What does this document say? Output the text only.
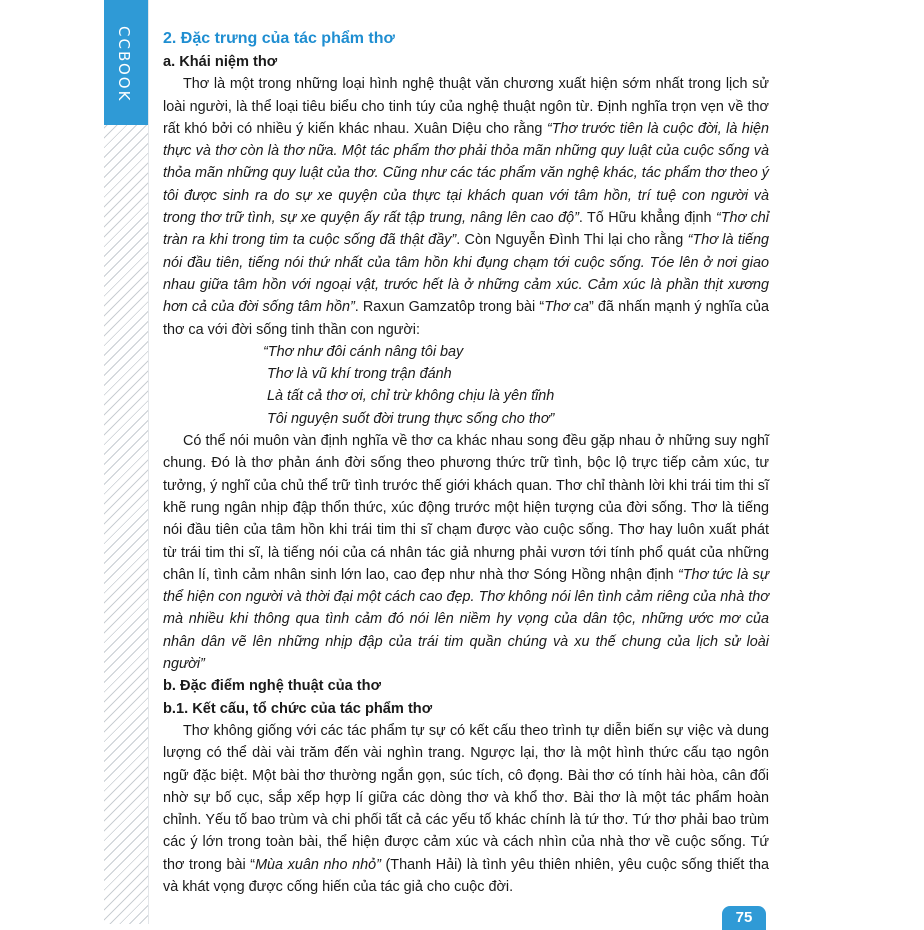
CCBOOK 2. Đặc trưng của tác phẩm thơ
a. Khái niệm thơ

Thơ là một trong những loại hình nghệ thuật văn chương xuất hiện sớm nhất trong lịch sử loài người, là thể loại tiêu biểu cho tinh túy của nghệ thuật ngôn từ. Định nghĩa trọn vẹn về thơ rất khó bởi có nhiều ý kiến khác nhau. Xuân Diệu cho rằng “Thơ trước tiên là cuộc đời, là hiện thực và thơ còn là thơ nữa. Một tác phẩm thơ phải thỏa mãn những quy luật của cuộc sống và thỏa mãn những quy luật của thơ. Cũng như các tác phẩm văn nghệ khác, tác phẩm thơ theo ý tôi được sinh ra do sự xe quyện của thực tại khách quan với tâm hồn, trí tuệ con người và trong thơ trữ tình, sự xe quyện ấy rất tập trung, nâng lên cao độ”. Tố Hữu khẳng định “Thơ chỉ tràn ra khi trong tim ta cuộc sống đã thật đầy”. Còn Nguyễn Đình Thi lại cho rằng “Thơ là tiếng nói đầu tiên, tiếng nói thứ nhất của tâm hồn khi đụng chạm tới cuộc sống. Tóe lên ở nơi giao nhau giữa tâm hồn với ngoại vật, trước hết là ở những cảm xúc. Cảm xúc là phần thịt xương hơn cả của đời sống tâm hồn”. Raxun Gamzatôp trong bài “Thơ ca” đã nhấn mạnh ý nghĩa của thơ ca với đời sống tinh thần con người:

“Thơ như đôi cánh nâng tôi bay
Thơ là vũ khí trong trận đánh
Là tất cả thơ ơi, chỉ trừ không chịu là yên tĩnh
Tôi nguyện suốt đời trung thực sống cho thơ”

Có thể nói muôn vàn định nghĩa về thơ ca khác nhau song đều gặp nhau ở những suy nghĩ chung. Đó là thơ phản ánh đời sống theo phương thức trữ tình, bộc lộ trực tiếp cảm xúc, tư tưởng, ý nghĩ của chủ thể trữ tình trước thế giới khách quan. Thơ chỉ thành lời khi trái tim thi sĩ khẽ rung ngân nhịp đập thổn thức, xúc động trước một hiện tượng của đời sống. Thơ là tiếng nói đầu tiên của tâm hồn khi trái tim thi sĩ chạm được vào cuộc sống. Thơ hay luôn xuất phát từ trái tim thi sĩ, là tiếng nói của cá nhân tác giả nhưng phải vươn tới tính phổ quát của những chân lí, tình cảm nhân sinh lớn lao, cao đẹp như nhà thơ Sóng Hồng nhận định “Thơ tức là sự thể hiện con người và thời đại một cách cao đẹp. Thơ không nói lên tình cảm riêng của nhà thơ mà nhiều khi thông qua tình cảm đó nói lên niềm hy vọng của dân tộc, những ước mơ của nhân dân vẽ lên những nhịp đập của trái tim quần chúng và xu thế chung của lịch sử loài người”

b. Đặc điểm nghệ thuật của thơ
b.1. Kết cấu, tổ chức của tác phẩm thơ

Thơ không giống với các tác phẩm tự sự có kết cấu theo trình tự diễn biến sự việc và dung lượng có thể dài vài trăm đến vài nghìn trang. Ngược lại, thơ là một hình thức cấu tạo ngôn ngữ đặc biệt. Một bài thơ thường ngắn gọn, súc tích, cô đọng. Bài thơ có tính hài hòa, cân đối nhờ sự bố cục, sắp xếp hợp lí giữa các dòng thơ và khổ thơ. Bài thơ là một tác phẩm hoàn chỉnh. Yếu tố bao trùm và chi phối tất cả các yếu tố khác chính là tứ thơ. Tứ thơ phải bao trùm các ý lớn trong toàn bài, thể hiện được cảm xúc và cách nhìn của nhà thơ về cuộc sống. Tứ thơ trong bài “Mùa xuân nho nhỏ” (Thanh Hải) là tình yêu thiên nhiên, yêu cuộc sống thiết tha và khát vọng được cống hiến của tác giả cho cuộc đời.

75
